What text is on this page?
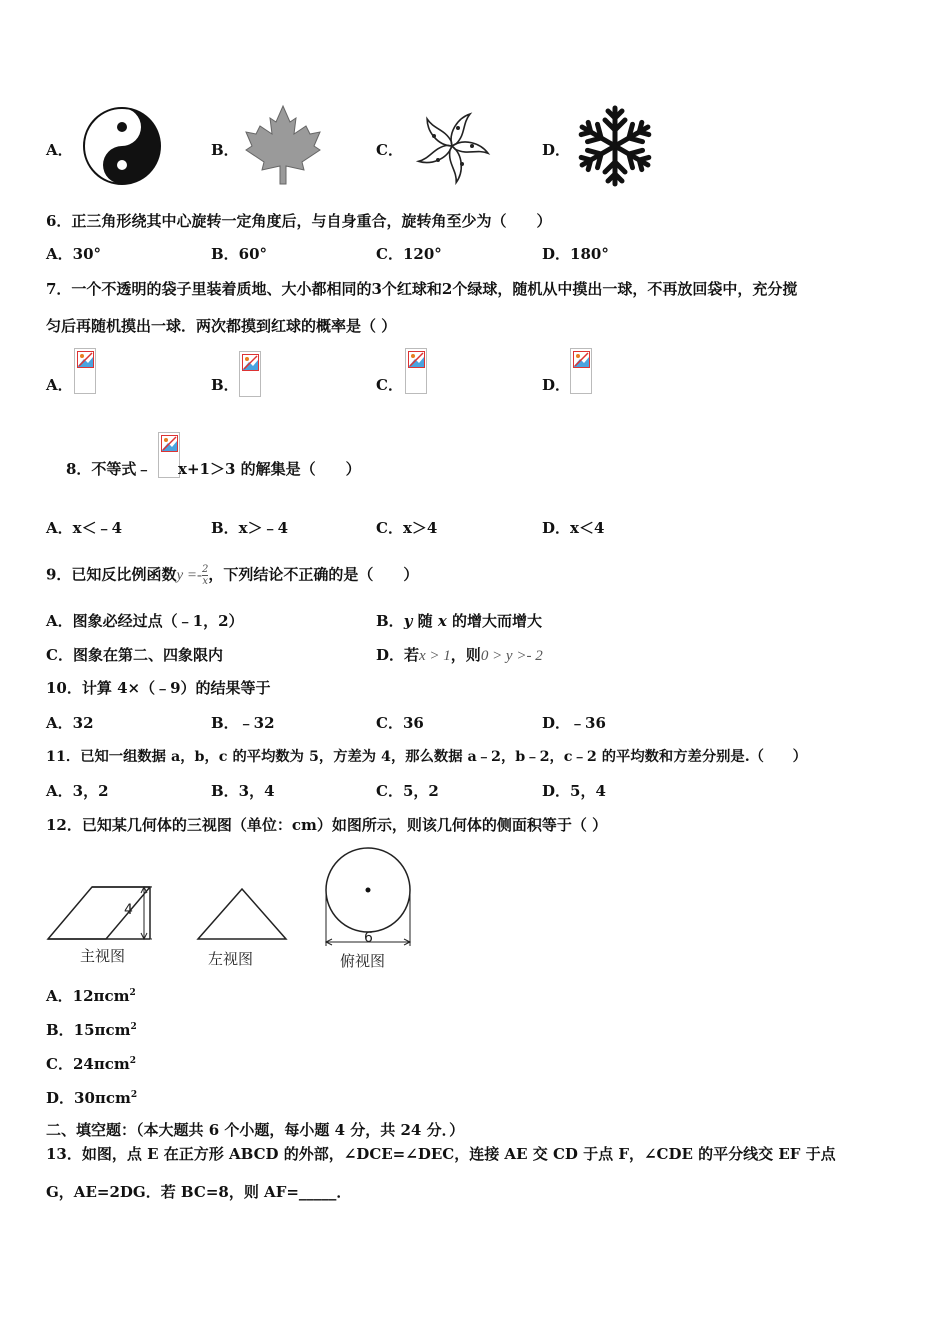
A．	B．	C．	D．
6．正三角形绕其中心旋转一定角度后，与自身重合，旋转角至少为（　　）
A．30°	B．60°	C．120°	D．180°
7．一个不透明的袋子里装着质地、大小都相同的3个红球和2个绿球，随机从中摸出一球，不再放回袋中，充分搅
匀后再随机摸出一球．两次都摸到红球的概率是（ ）
A．	B．	C．	D．
8．不等式﹣ x+1＞3 的解集是（　　）
A．x＜﹣4	B．x＞﹣4	C．x＞4	D．x＜4
9．已知反比例函数$y =- \frac{2}{x}$ ，下列结论不正确的是（　　）
A．图象必经过点（﹣1，2）	B．y 随 x 的增大而增大
C．图象在第二、四象限内	D．若x > 1，则0 > y >- 2
10．计算 4×（﹣9）的结果等于
A．32	B．﹣32	C．36	D．﹣36
11．已知一组数据 a，b，c 的平均数为 5，方差为 4，那么数据 a﹣2，b﹣2，c﹣2 的平均数和方差分别是.（　　）
A．3，2	B．3，4	C．5，2	D．5，4
12．已知某几何体的三视图（单位：cm）如图所示，则该几何体的侧面积等于（ ）
4
6
主视图	左视图	俯视图
A．12πcm$^2$
B．15πcm$^2$
C．24πcm$^2$
D．30πcm$^2$
二、填空题：（本大题共 6 个小题，每小题 4 分，共 24 分．）
13．如图，点 E 在正方形 ABCD 的外部，∠DCE=∠DEC，连接 AE 交 CD 于点 F，∠CDE 的平分线交 EF 于点
G，AE=2DG．若 BC=8，则 AF=_____．
